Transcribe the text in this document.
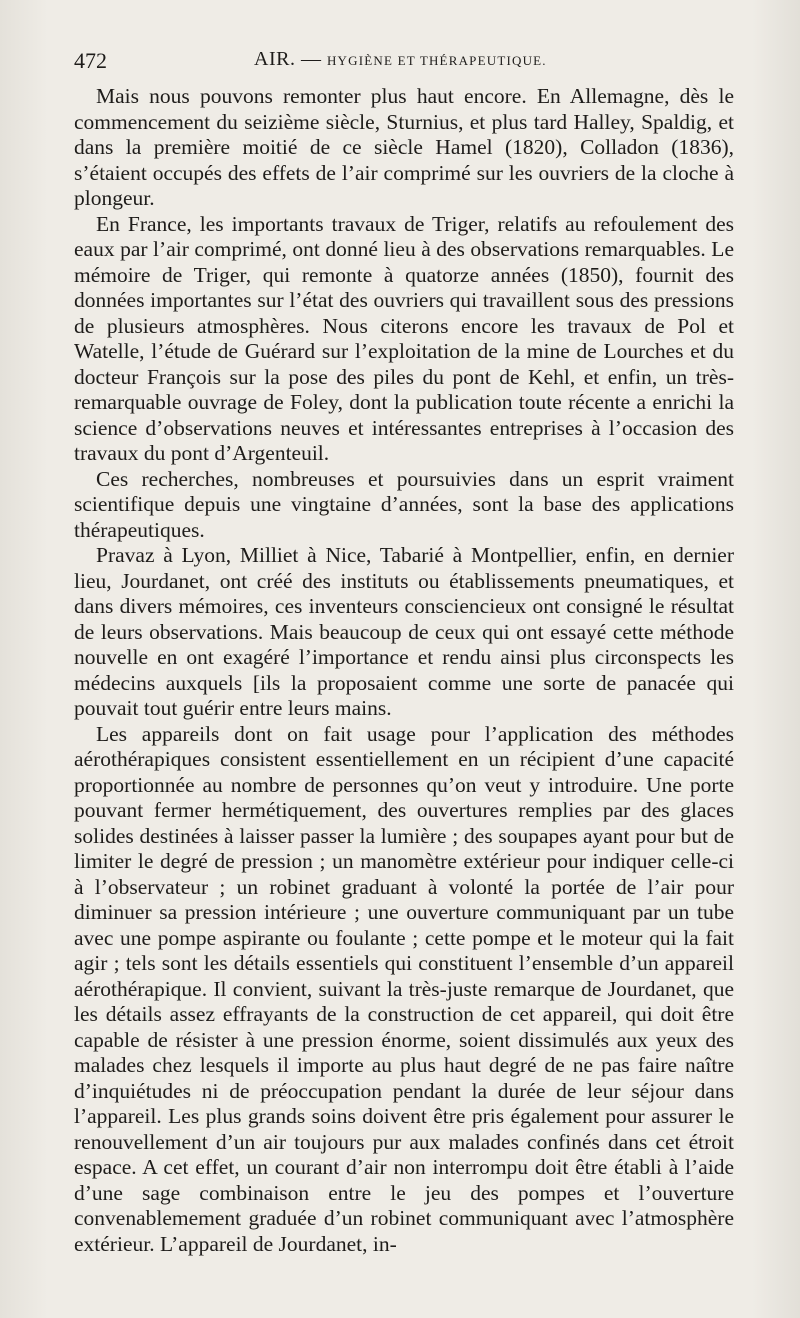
472	AIR. — HYGIÈNE ET THÉRAPEUTIQUE.

Mais nous pouvons remonter plus haut encore. En Allemagne, dès le commencement du seizième siècle, Sturnius, et plus tard Halley, Spaldig, et dans la première moitié de ce siècle Hamel (1820), Colladon (1836), s’étaient occupés des effets de l’air comprimé sur les ouvriers de la cloche à plongeur.

En France, les importants travaux de Triger, relatifs au refoulement des eaux par l’air comprimé, ont donné lieu à des observations remarquables. Le mémoire de Triger, qui remonte à quatorze années (1850), fournit des données importantes sur l’état des ouvriers qui travaillent sous des pressions de plusieurs atmosphères. Nous citerons encore les travaux de Pol et Watelle, l’étude de Guérard sur l’exploitation de la mine de Lourches et du docteur François sur la pose des piles du pont de Kehl, et enfin, un très-remarquable ouvrage de Foley, dont la publication toute récente a enrichi la science d’observations neuves et intéressantes entreprises à l’occasion des travaux du pont d’Argenteuil.

Ces recherches, nombreuses et poursuivies dans un esprit vraiment scientifique depuis une vingtaine d’années, sont la base des applications thérapeutiques.

Pravaz à Lyon, Milliet à Nice, Tabarié à Montpellier, enfin, en dernier lieu, Jourdanet, ont créé des instituts ou établissements pneumatiques, et dans divers mémoires, ces inventeurs consciencieux ont consigné le résultat de leurs observations. Mais beaucoup de ceux qui ont essayé cette méthode nouvelle en ont exagéré l’importance et rendu ainsi plus circonspects les médecins auxquels [ils la proposaient comme une sorte de panacée qui pouvait tout guérir entre leurs mains.

Les appareils dont on fait usage pour l’application des méthodes aérothérapiques consistent essentiellement en un récipient d’une capacité proportionnée au nombre de personnes qu’on veut y introduire. Une porte pouvant fermer hermétiquement, des ouvertures remplies par des glaces solides destinées à laisser passer la lumière ; des soupapes ayant pour but de limiter le degré de pression ; un manomètre extérieur pour indiquer celle-ci à l’observateur ; un robinet graduant à volonté la portée de l’air pour diminuer sa pression intérieure ; une ouverture communiquant par un tube avec une pompe aspirante ou foulante ; cette pompe et le moteur qui la fait agir ; tels sont les détails essentiels qui constituent l’ensemble d’un appareil aérothérapique. Il convient, suivant la très-juste remarque de Jourdanet, que les détails assez effrayants de la construction de cet appareil, qui doit être capable de résister à une pression énorme, soient dissimulés aux yeux des malades chez lesquels il importe au plus haut degré de ne pas faire naître d’inquiétudes ni de préoccupation pendant la durée de leur séjour dans l’appareil. Les plus grands soins doivent être pris également pour assurer le renouvellement d’un air toujours pur aux malades confinés dans cet étroit espace. A cet effet, un courant d’air non interrompu doit être établi à l’aide d’une sage combinaison entre le jeu des pompes et l’ouverture convenablemement graduée d’un robinet communiquant avec l’atmosphère extérieur. L’appareil de Jourdanet, in-
